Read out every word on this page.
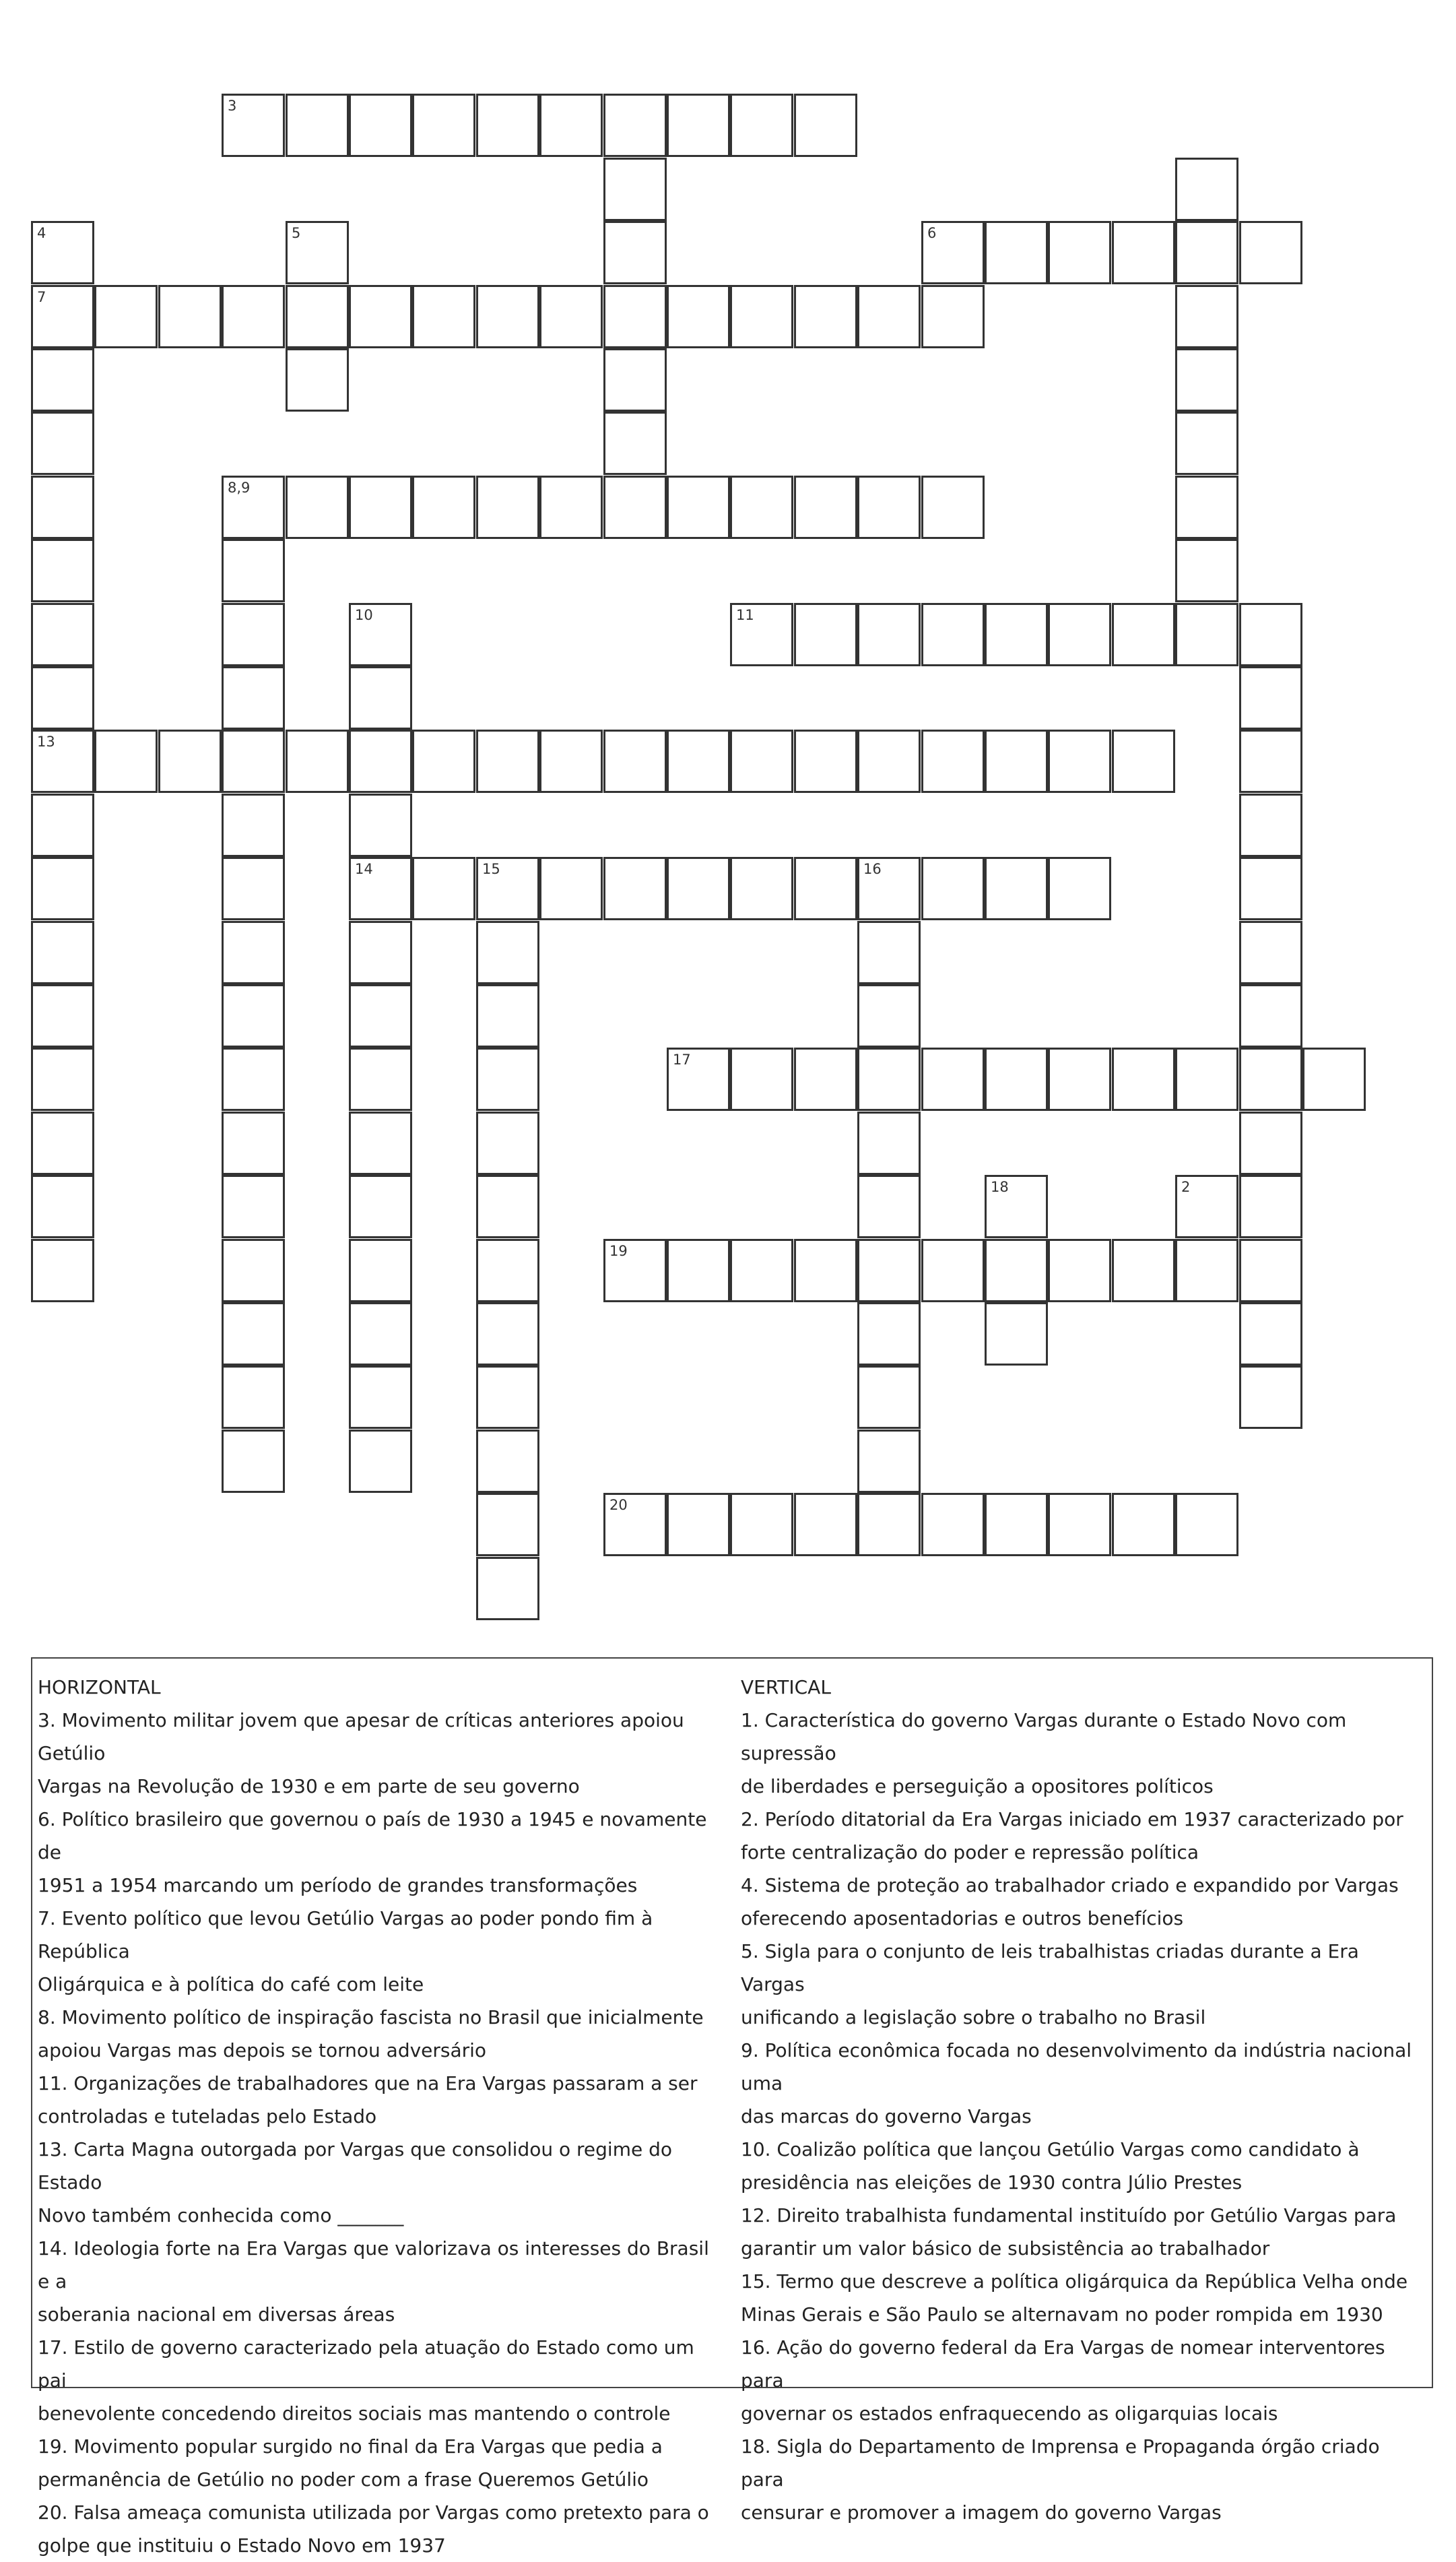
2
3
4	5	6
7
8,9
10	11
13
14	15	16
17
18
19
20
HORIZONTAL
3. Movimento militar jovem que apesar de críticas anteriores apoiou Getúlio
Vargas na Revolução de 1930 e em parte de seu governo
6. Político brasileiro que governou o país de 1930 a 1945 e novamente de
1951 a 1954 marcando um período de grandes transformações
7. Evento político que levou Getúlio Vargas ao poder pondo fim à República
Oligárquica e à política do café com leite
8. Movimento político de inspiração fascista no Brasil que inicialmente
apoiou Vargas mas depois se tornou adversário
11. Organizações de trabalhadores que na Era Vargas passaram a ser
controladas e tuteladas pelo Estado
13. Carta Magna outorgada por Vargas que consolidou o regime do Estado
Novo também conhecida como _______
14. Ideologia forte na Era Vargas que valorizava os interesses do Brasil e a
soberania nacional em diversas áreas
17. Estilo de governo caracterizado pela atuação do Estado como um pai
benevolente concedendo direitos sociais mas mantendo o controle
19. Movimento popular surgido no final da Era Vargas que pedia a
permanência de Getúlio no poder com a frase Queremos Getúlio
20. Falsa ameaça comunista utilizada por Vargas como pretexto para o
golpe que instituiu o Estado Novo em 1937
VERTICAL
1. Característica do governo Vargas durante o Estado Novo com supressão
de liberdades e perseguição a opositores políticos
2. Período ditatorial da Era Vargas iniciado em 1937 caracterizado por
forte centralização do poder e repressão política
4. Sistema de proteção ao trabalhador criado e expandido por Vargas
oferecendo aposentadorias e outros benefícios
5. Sigla para o conjunto de leis trabalhistas criadas durante a Era Vargas
unificando a legislação sobre o trabalho no Brasil
9. Política econômica focada no desenvolvimento da indústria nacional uma
das marcas do governo Vargas
10. Coalizão política que lançou Getúlio Vargas como candidato à
presidência nas eleições de 1930 contra Júlio Prestes
12. Direito trabalhista fundamental instituído por Getúlio Vargas para
garantir um valor básico de subsistência ao trabalhador
15. Termo que descreve a política oligárquica da República Velha onde
Minas Gerais e São Paulo se alternavam no poder rompida em 1930
16. Ação do governo federal da Era Vargas de nomear interventores para
governar os estados enfraquecendo as oligarquias locais
18. Sigla do Departamento de Imprensa e Propaganda órgão criado para
censurar e promover a imagem do governo Vargas
